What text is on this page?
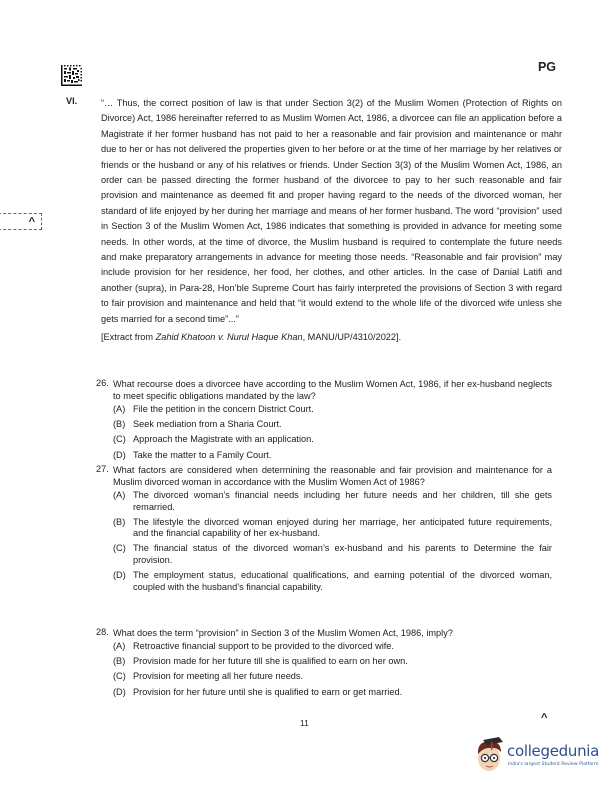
PG
^
VI.	“… Thus, the correct position of law is that under Section 3(2) of the Muslim Women (Protection of Rights on Divorce) Act, 1986 hereinafter referred to as Muslim Women Act, 1986, a divorcee can file an application before a Magistrate if her former husband has not paid to her a reasonable and fair provision and maintenance or mahr due to her or has not delivered the properties given to her before or at the time of her marriage by her relatives or friends or the husband or any of his relatives or friends. Under Section 3(3) of the Muslim Women Act, 1986, an order can be passed directing the former husband of the divorcee to pay to her such reasonable and fair provision and maintenance as deemed fit and proper having regard to the needs of the divorced woman, her standard of life enjoyed by her during her marriage and means of her former husband. The word “provision” used in Section 3 of the Muslim Women Act, 1986 indicates that something is provided in advance for meeting some needs. In other words, at the time of divorce, the Muslim husband is required to contemplate the future needs and make preparatory arrangements in advance for meeting those needs. “Reasonable and fair provision” may include provision for her residence, her food, her clothes, and other articles. In the case of Danial Latifi and another (supra), in Para-28, Hon’ble Supreme Court has fairly interpreted the provisions of Section 3 with regard to fair provision and maintenance and held that “it would extend to the whole life of the divorced wife unless she gets married for a second time”...”
[Extract from Zahid Khatoon v. Nurul Haque Khan, MANU/UP/4310/2022].
26. What recourse does a divorcee have according to the Muslim Women Act, 1986, if her ex-husband neglects to meet specific obligations mandated by the law?
(A) File the petition in the concern District Court.
(B) Seek mediation from a Sharia Court.
(C) Approach the Magistrate with an application.
(D) Take the matter to a Family Court.
27. What factors are considered when determining the reasonable and fair provision and maintenance for a Muslim divorced woman in accordance with the Muslim Women Act of 1986?
(A) The divorced woman’s financial needs including her future needs and her children, till she gets remarried.
(B) The lifestyle the divorced woman enjoyed during her marriage, her anticipated future requirements, and the financial capability of her ex-husband.
(C) The financial status of the divorced woman’s ex-husband and his parents to Determine the fair provision.
(D) The employment status, educational qualifications, and earning potential of the divorced woman, coupled with the husband’s financial capability.
28. What does the term “provision” in Section 3 of the Muslim Women Act, 1986, imply?
(A) Retroactive financial support to be provided to the divorced wife.
(B) Provision made for her future till she is qualified to earn on her own.
(C) Provision for meeting all her future needs.
(D) Provision for her future until she is qualified to earn or get married.
11	^
collegedunia
India's largest Student Review Platform
